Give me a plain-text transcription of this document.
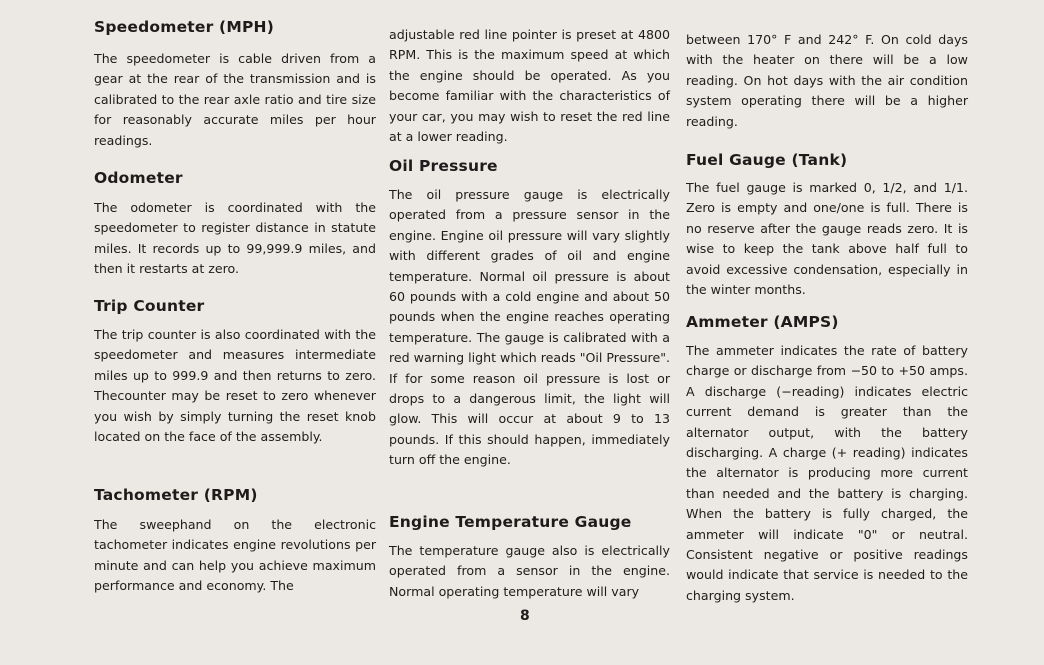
Speedometer (MPH)

The speedometer is cable driven from a gear at the rear of the transmission and is calibrated to the rear axle ratio and tire size for reasonably accurate miles per hour readings.

Odometer

The odometer is coordinated with the speedometer to register distance in statute miles. It records up to 99,999.9 miles, and then it restarts at zero.

Trip Counter

The trip counter is also coordinated with the speedometer and measures intermediate miles up to 999.9 and then returns to zero. Thecounter may be reset to zero whenever you wish by simply turning the reset knob located on the face of the assembly.

Tachometer (RPM)

The sweephand on the electronic tachometer indicates engine revolutions per minute and can help you achieve maximum performance and economy. The

adjustable red line pointer is preset at 4800 RPM. This is the maximum speed at which the engine should be operated. As you become familiar with the characteristics of your car, you may wish to reset the red line at a lower reading.

Oil Pressure

The oil pressure gauge is electrically operated from a pressure sensor in the engine. Engine oil pressure will vary slightly with different grades of oil and engine temperature. Normal oil pressure is about 60 pounds with a cold engine and about 50 pounds when the engine reaches operating temperature. The gauge is calibrated with a red warning light which reads "Oil Pressure". If for some reason oil pressure is lost or drops to a dangerous limit, the light will glow. This will occur at about 9 to 13 pounds. If this should happen, immediately turn off the engine.

Engine Temperature Gauge

The temperature gauge also is electrically operated from a sensor in the engine. Normal operating temperature will vary

between 170° F and 242° F. On cold days with the heater on there will be a low reading. On hot days with the air condition system operating there will be a higher reading.

Fuel Gauge (Tank)

The fuel gauge is marked 0, 1/2, and 1/1. Zero is empty and one/one is full. There is no reserve after the gauge reads zero. It is wise to keep the tank above half full to avoid excessive condensation, especially in the winter months.

Ammeter (AMPS)

The ammeter indicates the rate of battery charge or discharge from −50 to +50 amps. A discharge (−reading) indicates electric current demand is greater than the alternator output, with the battery discharging. A charge (+ reading) indicates the alternator is producing more current than needed and the battery is charging. When the battery is fully charged, the ammeter will indicate "0" or neutral. Consistent negative or positive readings would indicate that service is needed to the charging system.

8
